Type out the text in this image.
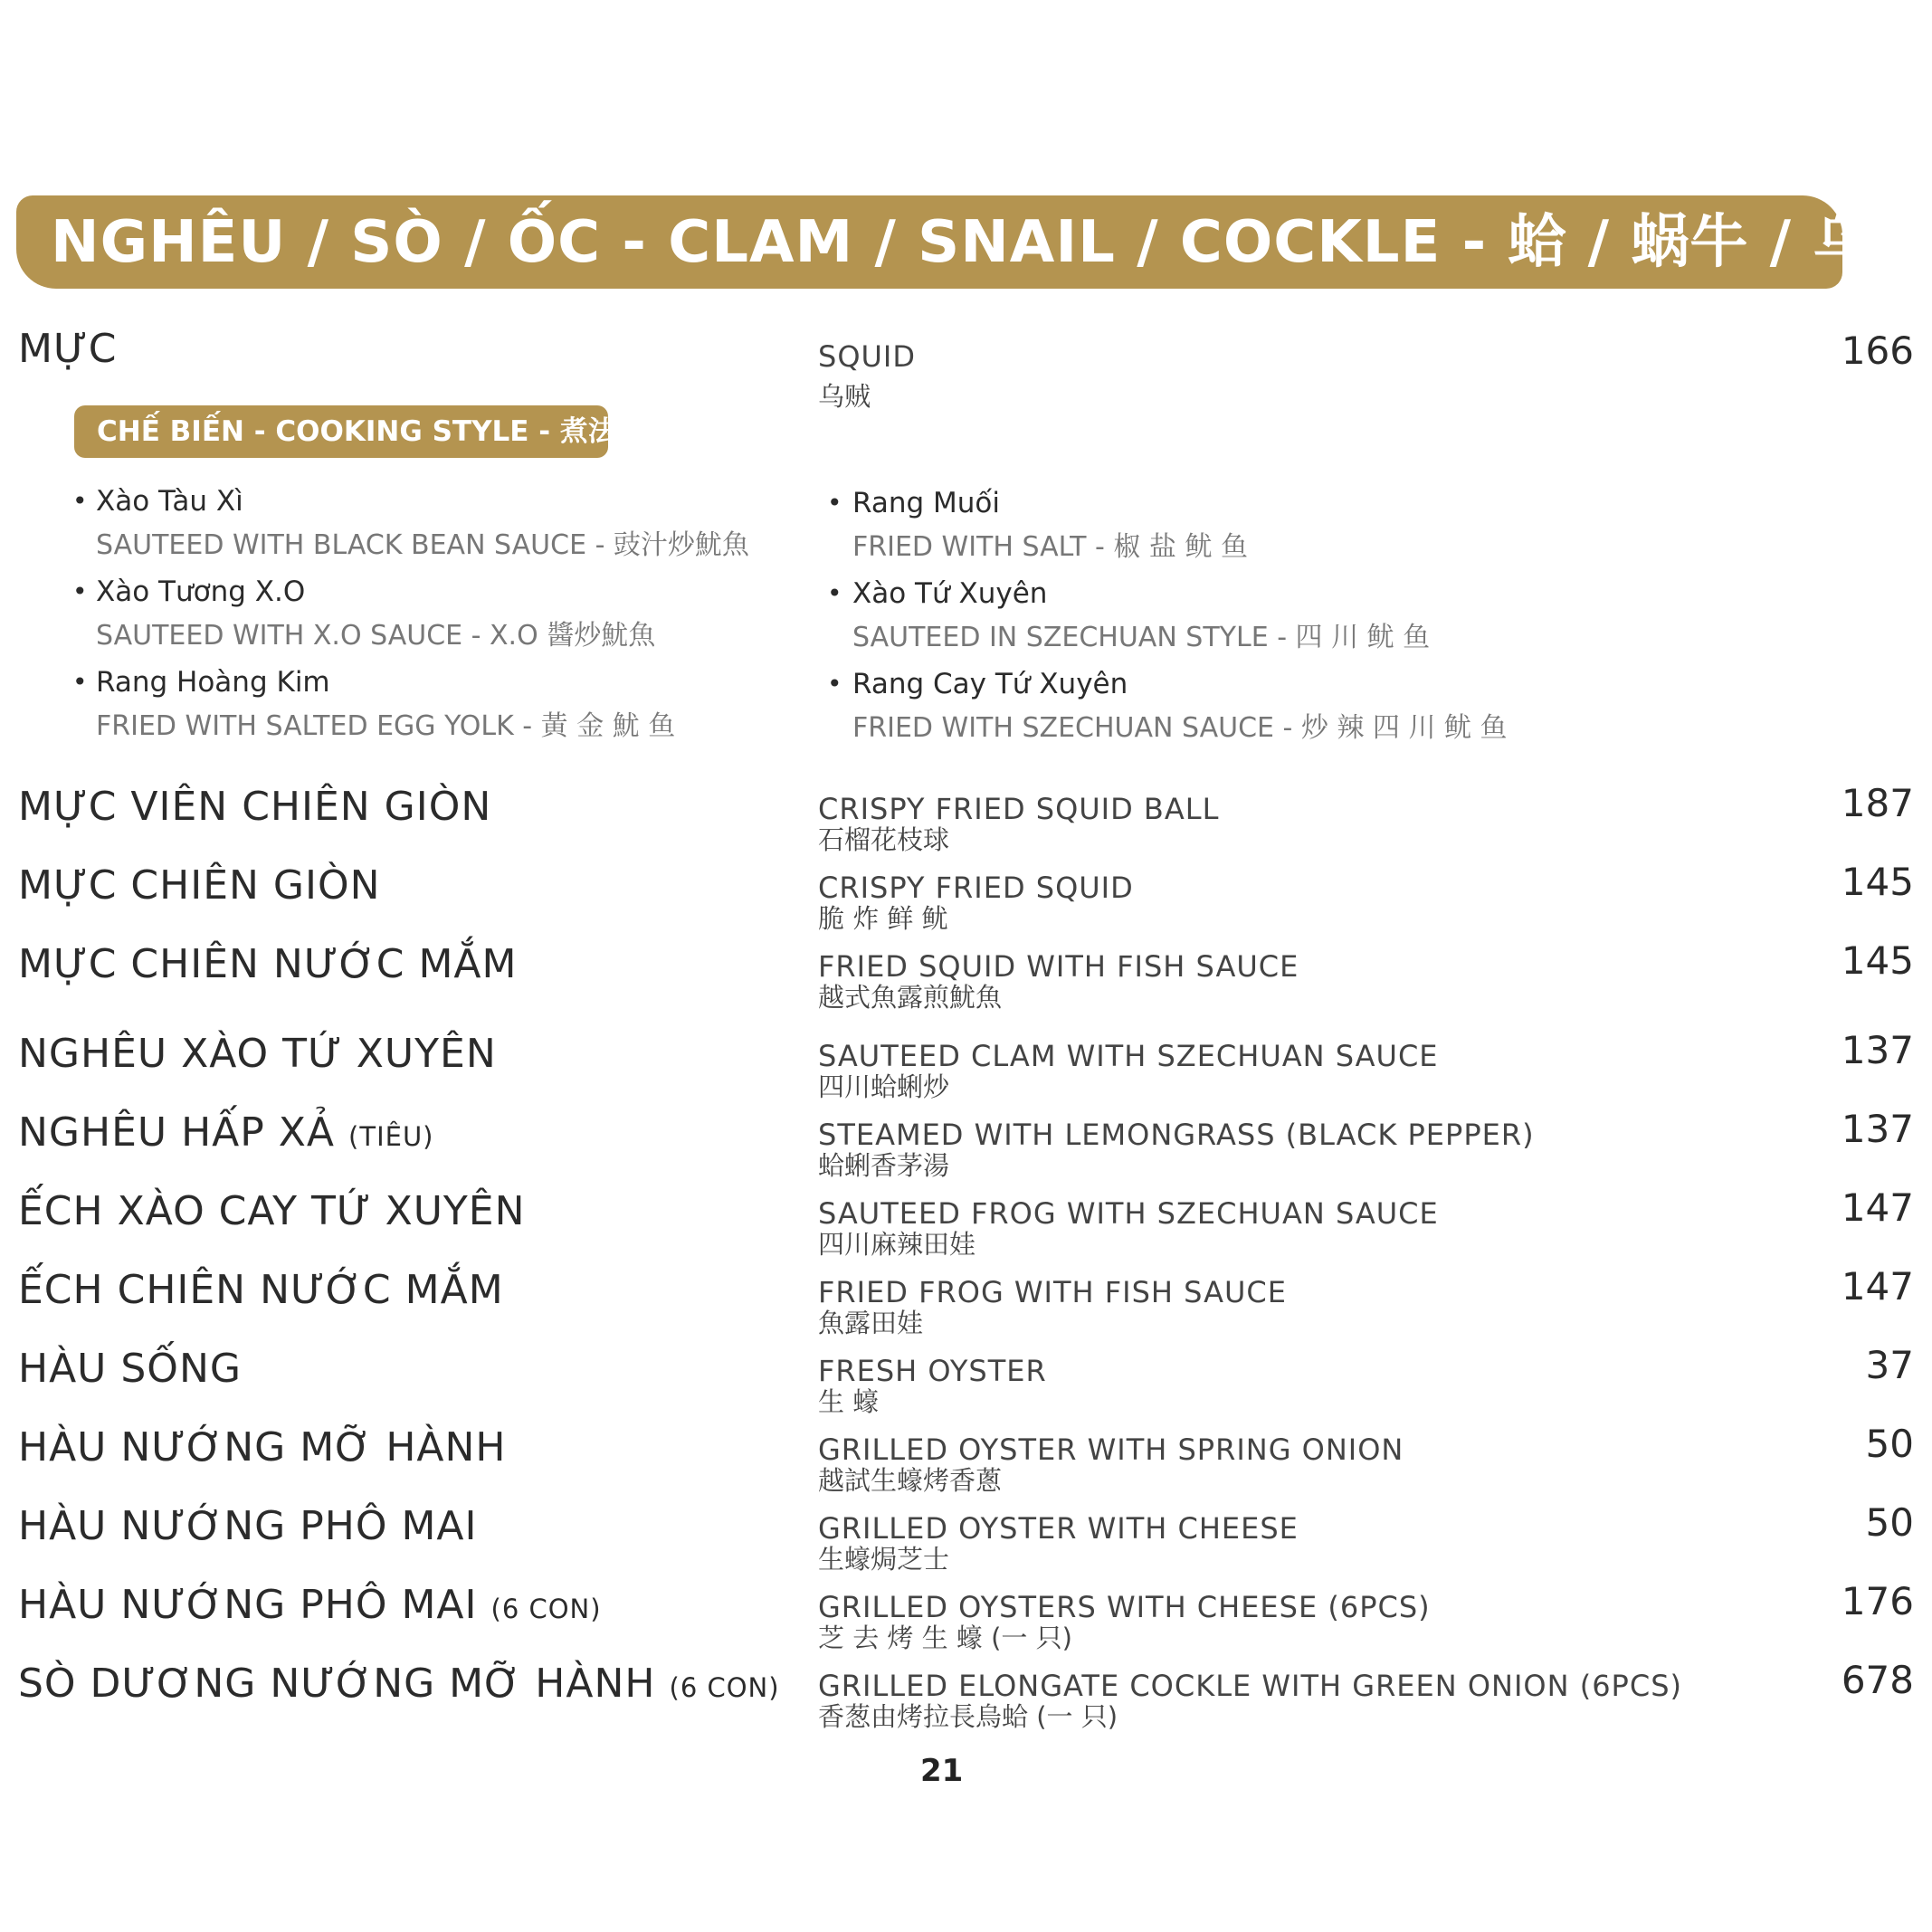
NGHÊU / SÒ / ỐC - CLAM / SNAIL / COCKLE - 蛤 / 蜗牛 / 乌蛤
MỰC	SQUID
乌贼
166
CHẾ BIẾN - COOKING STYLE - 煮法
• Xào Tàu Xì
SAUTEED WITH BLACK BEAN SAUCE - 豉汁炒魷魚
• Xào Tương X.O
SAUTEED WITH X.O SAUCE - X.O 醬炒魷魚
• Rang Hoàng Kim
FRIED WITH SALTED EGG YOLK - 黃 金 魷 鱼
• Rang Muối
FRIED WITH SALT - 椒 盐 鱿 鱼
• Xào Tứ Xuyên
SAUTEED IN SZECHUAN STYLE - 四 川 鱿 鱼
• Rang Cay Tứ Xuyên
FRIED WITH SZECHUAN SAUCE - 炒 辣 四 川 鱿 鱼
MỰC VIÊN CHIÊN GIÒN	CRISPY FRIED SQUID BALL
石榴花枝球
187
MỰC CHIÊN GIÒN	CRISPY FRIED SQUID
脆 炸 鲜 鱿
145
MỰC CHIÊN NƯỚC MẮM	FRIED SQUID WITH FISH SAUCE
越式魚露煎魷魚
145
NGHÊU XÀO TỨ XUYÊN	SAUTEED CLAM WITH SZECHUAN SAUCE
四川蛤蜊炒
137
NGHÊU HẤP XẢ (TIÊU)	STEAMED WITH LEMONGRASS (BLACK PEPPER)
蛤蜊香茅湯
137
ẾCH XÀO CAY TỨ XUYÊN	SAUTEED FROG WITH SZECHUAN SAUCE
四川麻辣田娃
147
ẾCH CHIÊN NƯỚC MẮM	FRIED FROG WITH FISH SAUCE
魚露田娃
147
HÀU SỐNG	FRESH OYSTER
生 蠔
37
HÀU NƯỚNG MỠ HÀNH	GRILLED OYSTER WITH SPRING ONION
越試生蠔烤香蔥
50
HÀU NƯỚNG PHÔ MAI	GRILLED OYSTER WITH CHEESE
生蠔焗芝士
50
HÀU NƯỚNG PHÔ MAI (6 CON)	GRILLED OYSTERS WITH CHEESE (6PCS)
芝 去 烤 生 蠔 (一 只)
176
SÒ DƯƠNG NƯỚNG MỠ HÀNH (6 CON) GRILLED ELONGATE COCKLE WITH GREEN ONION (6PCS)
香葱由烤拉長烏蛤 (一 只)
678
21
